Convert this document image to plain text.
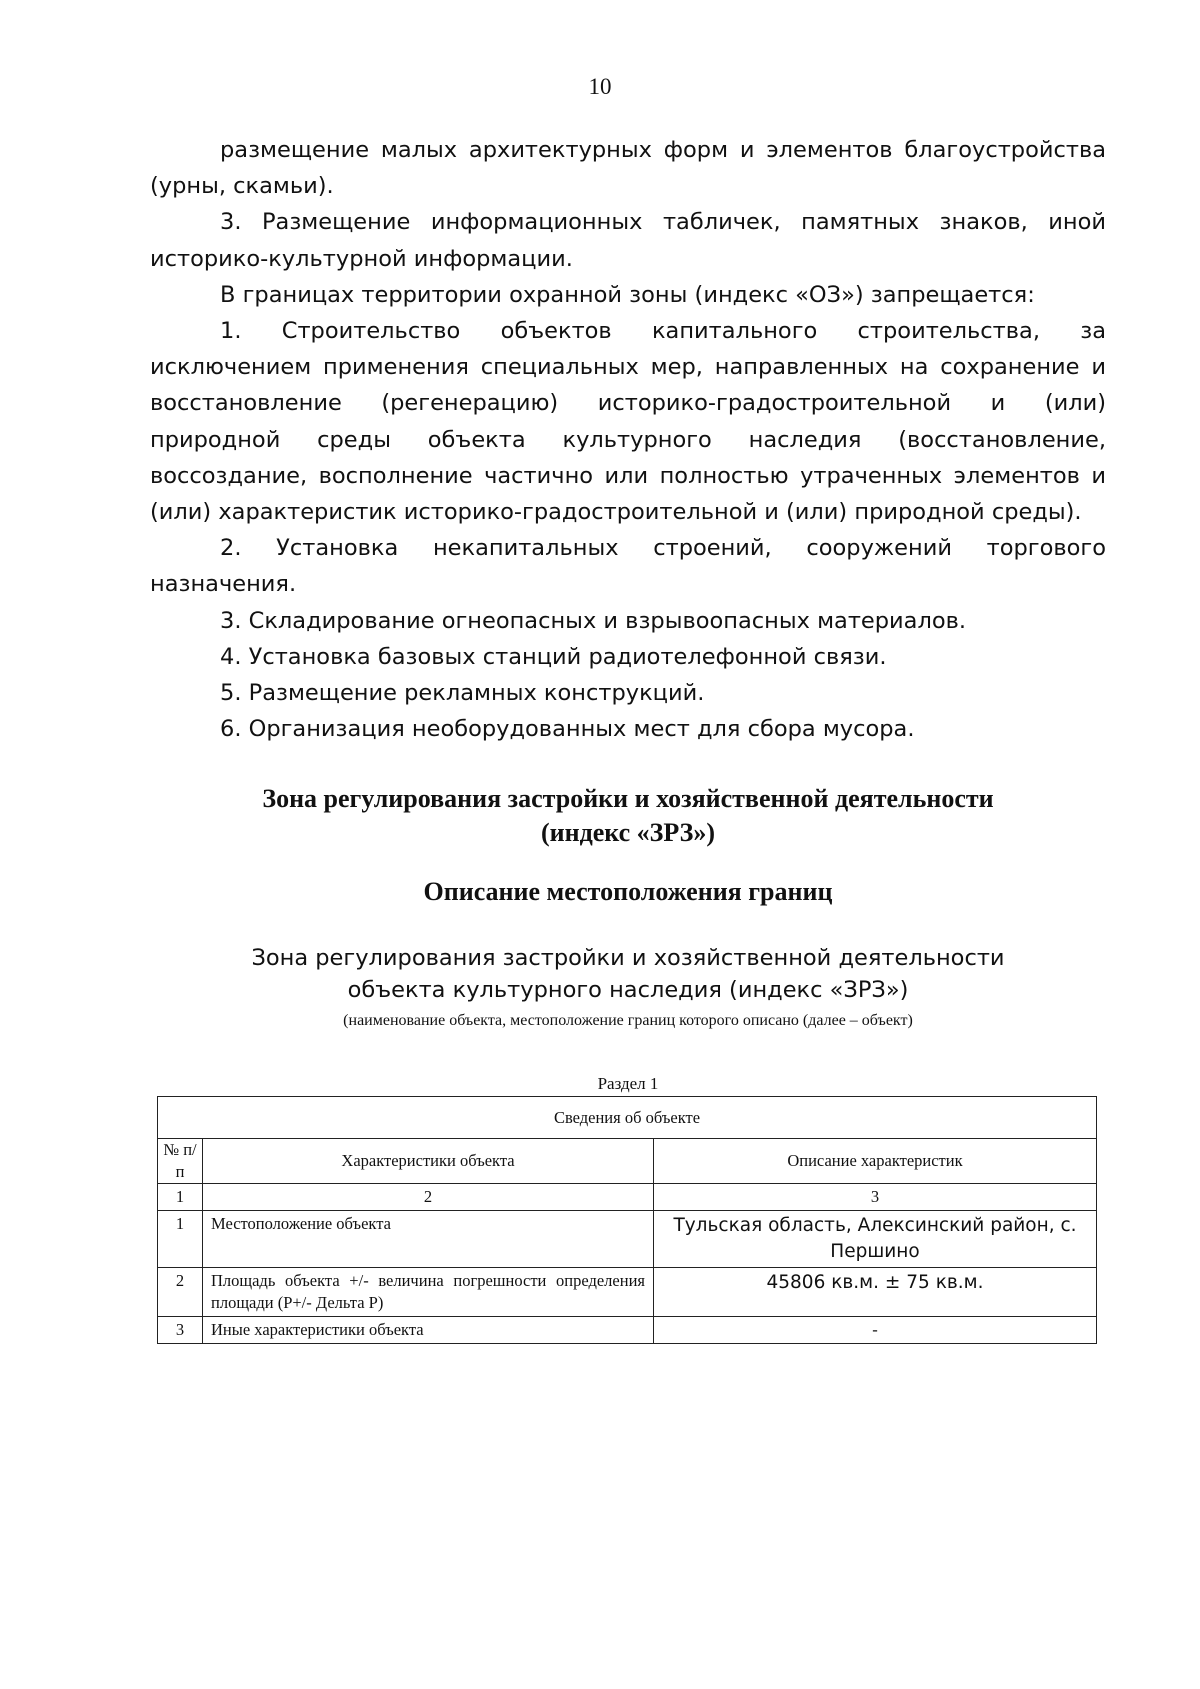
10

размещение малых архитектурных форм и элементов благоустройства (урны, скамьи).

3. Размещение информационных табличек, памятных знаков, иной историко-культурной информации.

В границах территории охранной зоны (индекс «ОЗ») запрещается:

1. Строительство объектов капитального строительства, за исключением применения специальных мер, направленных на сохранение и восстановление (регенерацию) историко-градостроительной и (или) природной среды объекта культурного наследия (восстановление, воссоздание, восполнение частично или полностью утраченных элементов и (или) характеристик историко-градостроительной и (или) природной среды).

2. Установка некапитальных строений, сооружений торгового назначения.

3. Складирование огнеопасных и взрывоопасных материалов.

4. Установка базовых станций радиотелефонной связи.

5. Размещение рекламных конструкций.

6. Организация необорудованных мест для сбора мусора.

Зона регулирования застройки и хозяйственной деятельности
(индекс «ЗРЗ»)
Описание местоположения границ
Зона регулирования застройки и хозяйственной деятельности
объекта культурного наследия (индекс «ЗРЗ»)
(наименование объекта, местоположение границ которого описано (далее – объект)
Раздел 1
Сведения об объекте		
№ п/п	Характеристики объекта	Описание характеристик
1	2	3
1	Местоположение объекта	Тульская область, Алексинский район, с. Першино
2	Площадь объекта +/- величина погрешности определения площади (Р+/- Дельта Р)	45806 кв.м. ± 75 кв.м.
3	Иные характеристики объекта	-
